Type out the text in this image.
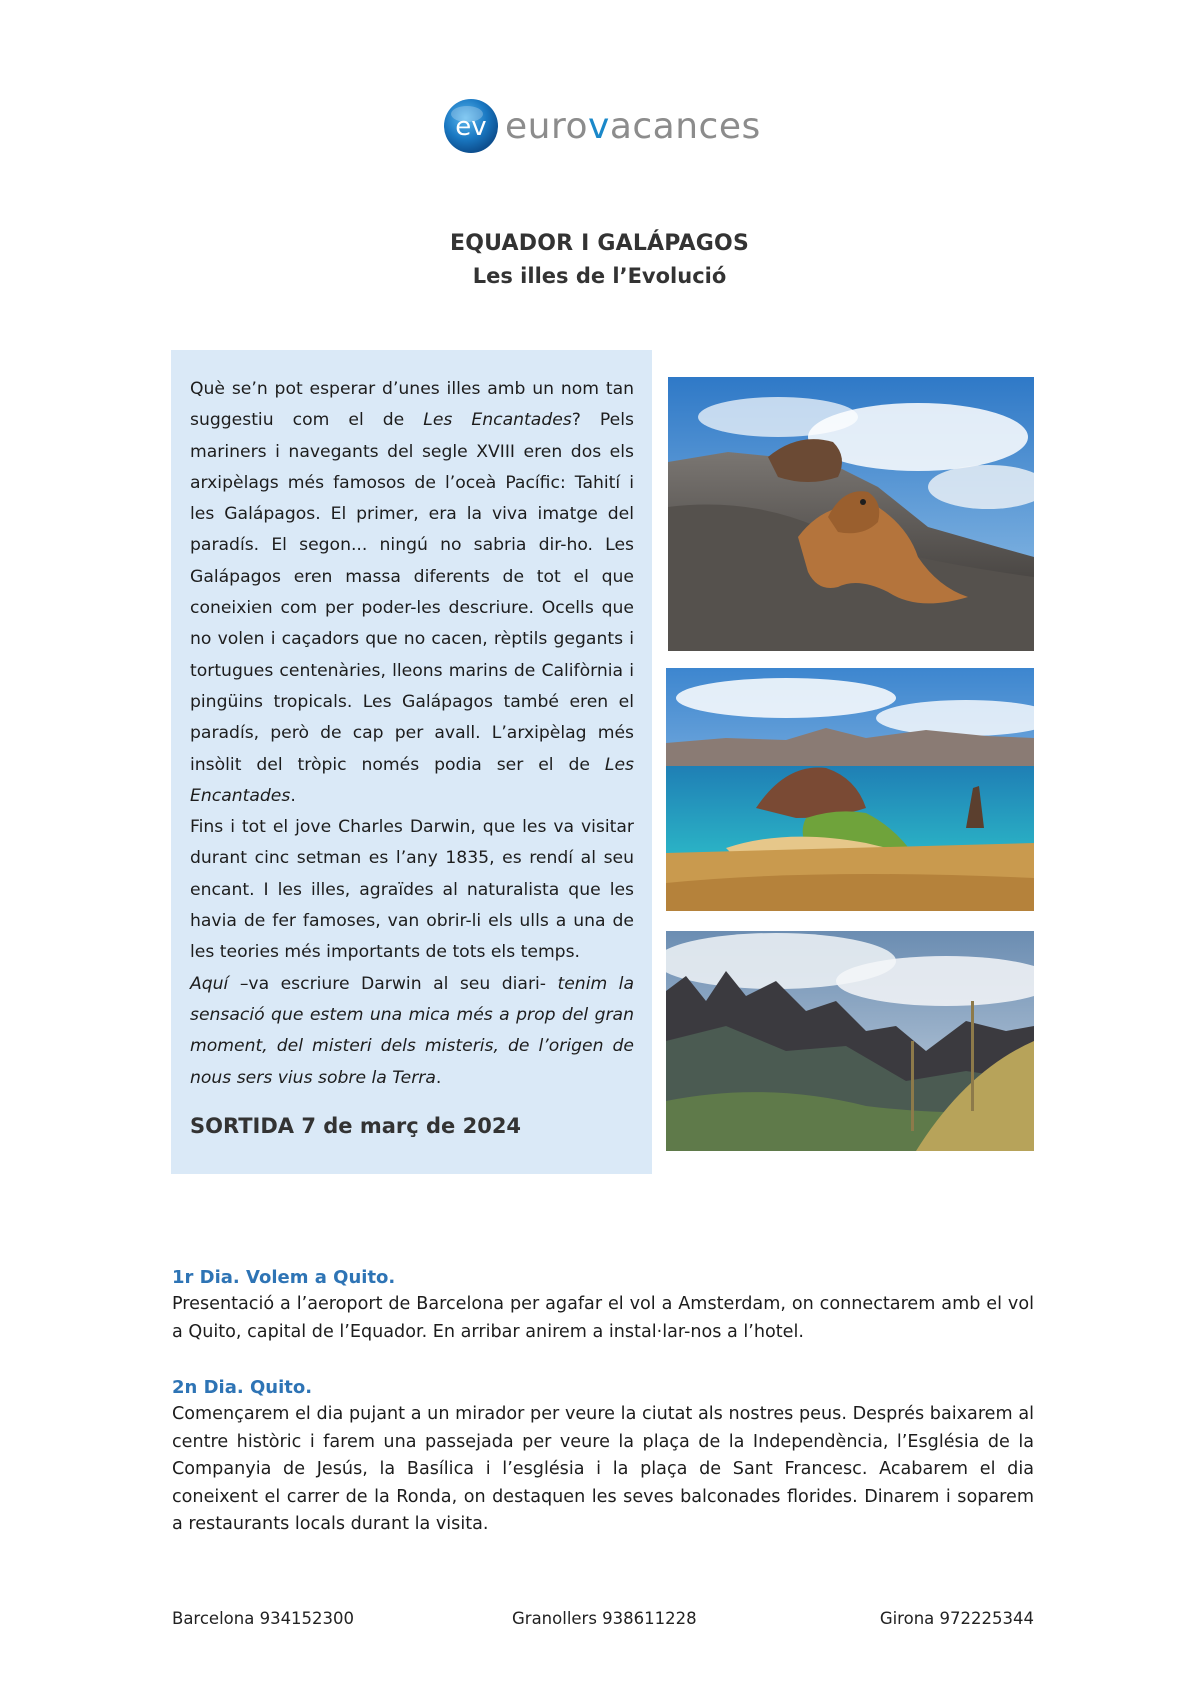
ev eurovacances
EQUADOR I GALÁPAGOS
Les illes de l’Evolució

Què se’n pot esperar d’unes illes amb un nom tan suggestiu com el de Les Encantades? Pels mariners i navegants del segle XVIII eren dos els arxipèlags més famosos de l’oceà Pacífic: Tahití i les Galápagos. El primer, era la viva imatge del paradís. El segon... ningú no sabria dir-ho. Les Galápagos eren massa diferents de tot el que coneixien com per poder-les descriure. Ocells que no volen i caçadors que no cacen, rèptils gegants i tortugues centenàries, lleons marins de Califòrnia i pingüins tropicals. Les Galápagos també eren el paradís, però de cap per avall. L’arxipèlag més insòlit del tròpic només podia ser el de Les Encantades.

Fins i tot el jove Charles Darwin, que les va visitar durant cinc setman es l’any 1835, es rendí al seu encant. I les illes, agraïdes al naturalista que les havia de fer famoses, van obrir-li els ulls a una de les teories més importants de tots els temps.

Aquí –va escriure Darwin al seu diari- tenim la sensació que estem una mica més a prop del gran moment, del misteri dels misteris, de l’origen de nous sers vius sobre la Terra.

SORTIDA 7 de març de 2024
1r Dia. Volem a Quito.

Presentació a l’aeroport de Barcelona per agafar el vol a Amsterdam, on connectarem amb el vol a Quito, capital de l’Equador. En arribar anirem a instal·lar-nos a l’hotel.

2n Dia. Quito.

Començarem el dia pujant a un mirador per veure la ciutat als nostres peus. Després baixarem al centre històric i farem una passejada per veure la plaça de la Independència, l’Església de la Companyia de Jesús, la Basílica i l’església i la plaça de Sant Francesc. Acabarem el dia coneixent el carrer de la Ronda, on destaquen les seves balconades florides. Dinarem i soparem a restaurants locals durant la visita.

Barcelona 934152300	Granollers 938611228	Girona 972225344
